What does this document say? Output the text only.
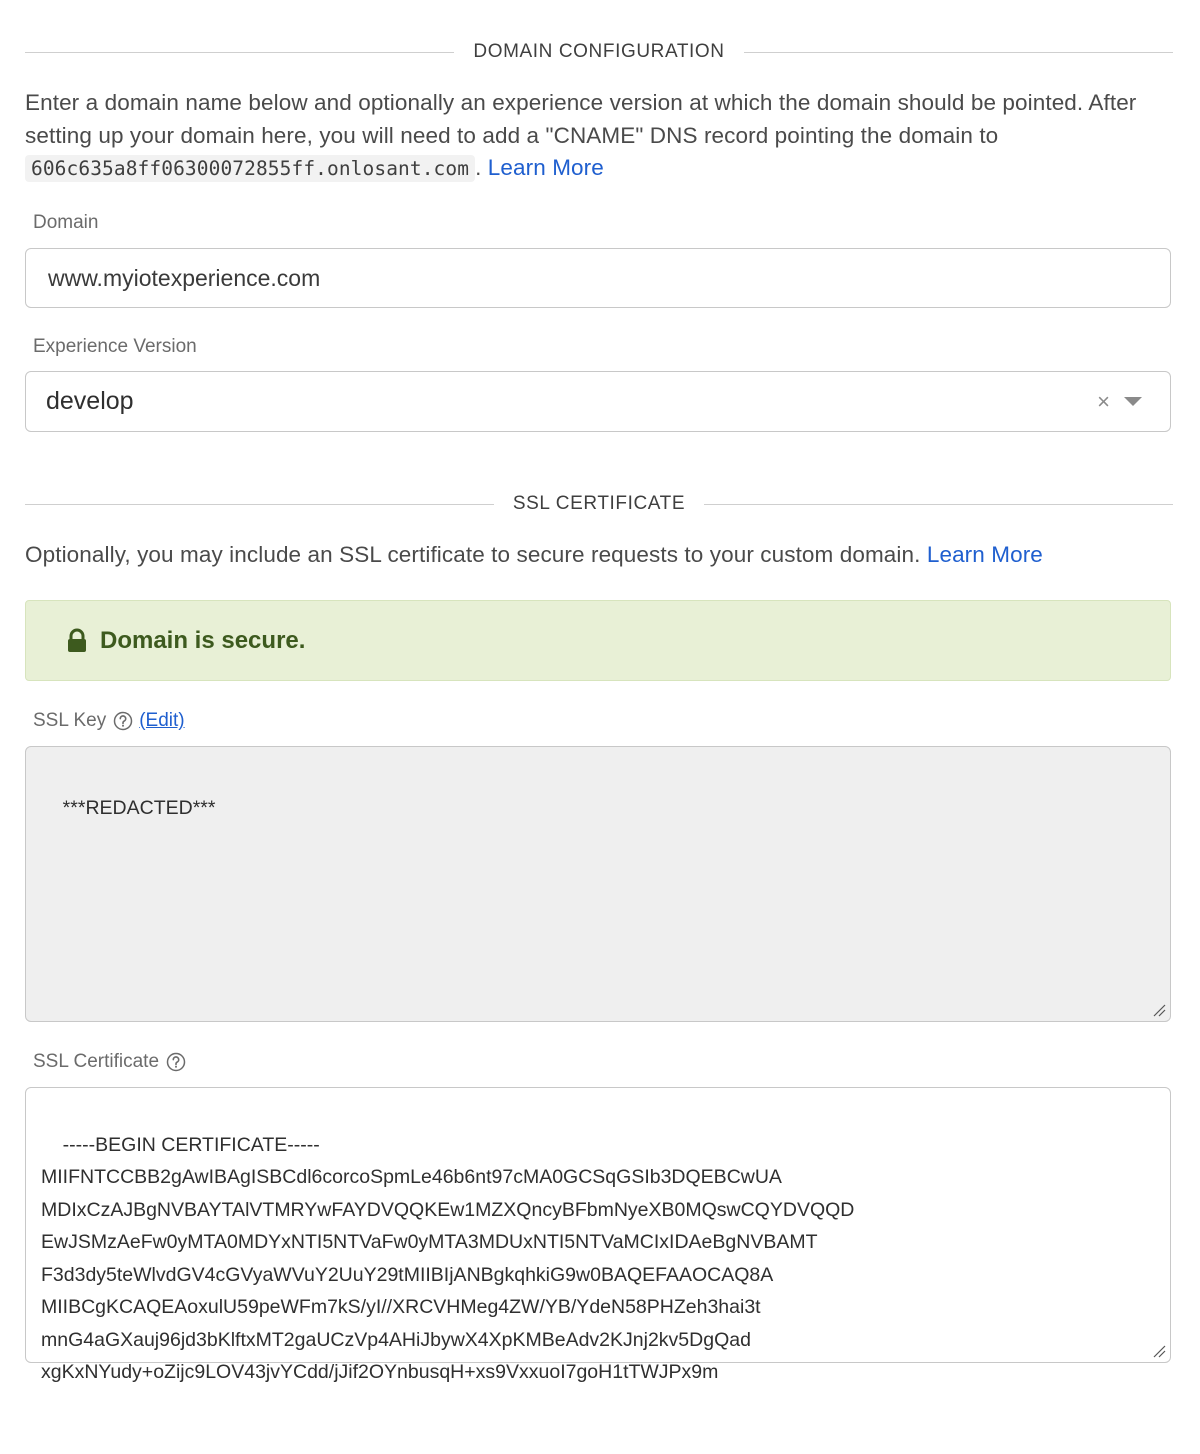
DOMAIN CONFIGURATION
Enter a domain name below and optionally an experience version at which the domain should be pointed. After setting up your domain here, you will need to add a "CNAME" DNS record pointing the domain to 606c635a8ff06300072855ff.onlosant.com . Learn More
Domain
www.myiotexperience.com
Experience Version
develop	×
SSL CERTIFICATE
Optionally, you may include an SSL certificate to secure requests to your custom domain. Learn More
Domain is secure.
SSL Key (Edit)

***REDACTED***

SSL Certificate

-----BEGIN CERTIFICATE-----
MIIFNTCCBB2gAwIBAgISBCdl6corcoSpmLe46b6nt97cMA0GCSqGSIb3DQEBCwUA
MDIxCzAJBgNVBAYTAlVTMRYwFAYDVQQKEw1MZXQncyBFbmNyeXB0MQswCQYDVQQD
EwJSMzAeFw0yMTA0MDYxNTI5NTVaFw0yMTA3MDUxNTI5NTVaMCIxIDAeBgNVBAMT
F3d3dy5teWlvdGV4cGVyaWVuY2UuY29tMIIBIjANBgkqhkiG9w0BAQEFAAOCAQ8A
MIIBCgKCAQEAoxulU59peWFm7kS/yI//XRCVHMeg4ZW/YB/YdeN58PHZeh3hai3t
mnG4aGXauj96jd3bKlftxMT2gaUCzVp4AHiJbywX4XpKMBeAdv2KJnj2kv5DgQad
xgKxNYudy+oZijc9LOV43jvYCdd/jJif2OYnbusqH+xs9VxxuoI7goH1tTWJPx9m
